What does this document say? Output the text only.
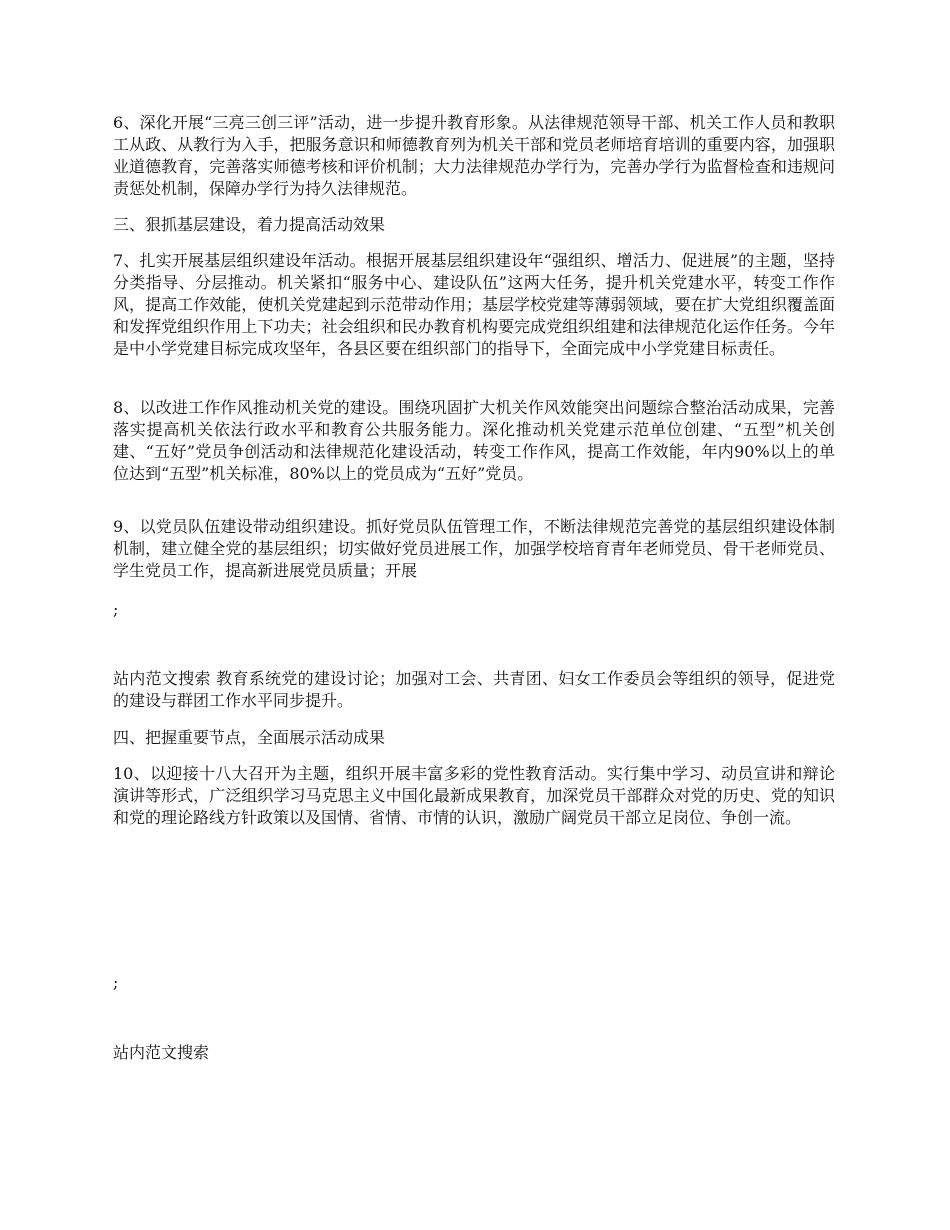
6、深化开展“三亮三创三评”活动，进一步提升教育形象。从法律规范领导干部、机关工作人员和教职工从政、从教行为入手，把服务意识和师德教育列为机关干部和党员老师培育培训的重要内容，加强职业道德教育，完善落实师德考核和评价机制；大力法律规范办学行为，完善办学行为监督检查和违规问责惩处机制，保障办学行为持久法律规范。

三、狠抓基层建设，着力提高活动效果

7、扎实开展基层组织建设年活动。根据开展基层组织建设年“强组织、增活力、促进展”的主题，坚持分类指导、分层推动。机关紧扣“服务中心、建设队伍”这两大任务，提升机关党建水平，转变工作作风，提高工作效能，使机关党建起到示范带动作用；基层学校党建等薄弱领域，要在扩大党组织覆盖面和发挥党组织作用上下功夫；社会组织和民办教育机构要完成党组织组建和法律规范化运作任务。今年是中小学党建目标完成攻坚年，各县区要在组织部门的指导下，全面完成中小学党建目标责任。

8、以改进工作作风推动机关党的建设。围绕巩固扩大机关作风效能突出问题综合整治活动成果，完善落实提高机关依法行政水平和教育公共服务能力。深化推动机关党建示范单位创建、“五型”机关创建、“五好”党员争创活动和法律规范化建设活动，转变工作作风，提高工作效能，年内90%以上的单位达到“五型”机关标准，80%以上的党员成为“五好”党员。

9、以党员队伍建设带动组织建设。抓好党员队伍管理工作，不断法律规范完善党的基层组织建设体制机制，建立健全党的基层组织；切实做好党员进展工作，加强学校培育青年老师党员、骨干老师党员、学生党员工作，提高新进展党员质量；开展

;

站内范文搜索 教育系统党的建设讨论；加强对工会、共青团、妇女工作委员会等组织的领导，促进党的建设与群团工作水平同步提升。

四、把握重要节点，全面展示活动成果

10、以迎接十八大召开为主题，组织开展丰富多彩的党性教育活动。实行集中学习、动员宣讲和辩论演讲等形式，广泛组织学习马克思主义中国化最新成果教育，加深党员干部群众对党的历史、党的知识和党的理论路线方针政策以及国情、省情、市情的认识，激励广阔党员干部立足岗位、争创一流。

;

站内范文搜索
